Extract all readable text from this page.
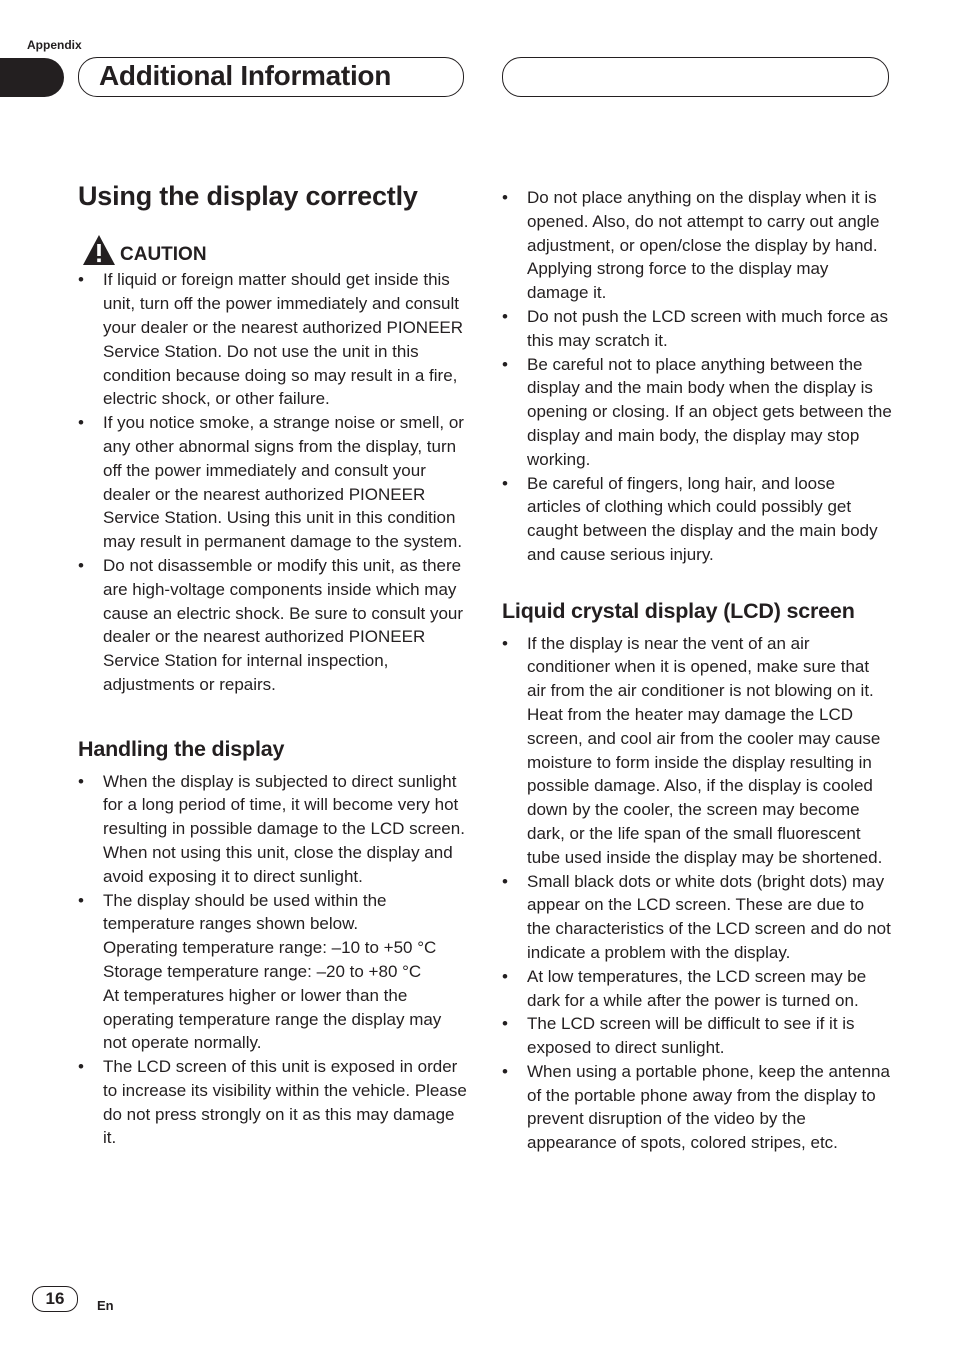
Appendix
Additional Information
Using the display correctly
CAUTION
• If liquid or foreign matter should get inside this unit, turn off the power immediately and consult your dealer or the nearest authorized PIONEER Service Station. Do not use the unit in this condition because doing so may result in a fire, electric shock, or other failure.
• If you notice smoke, a strange noise or smell, or any other abnormal signs from the display, turn off the power immediately and consult your dealer or the nearest authorized PIONEER Service Station. Using this unit in this condition may result in permanent damage to the system.
• Do not disassemble or modify this unit, as there are high-voltage components inside which may cause an electric shock. Be sure to consult your dealer or the nearest authorized PIONEER Service Station for internal inspection, adjustments or repairs.
Handling the display
• When the display is subjected to direct sunlight for a long period of time, it will become very hot resulting in possible damage to the LCD screen. When not using this unit, close the display and avoid exposing it to direct sunlight.
• The display should be used within the temperature ranges shown below.
Operating temperature range: –10 to +50 °C
Storage temperature range: –20 to +80 °C
At temperatures higher or lower than the operating temperature range the display may not operate normally.
• The LCD screen of this unit is exposed in order to increase its visibility within the vehicle. Please do not press strongly on it as this may damage it.
• Do not place anything on the display when it is opened. Also, do not attempt to carry out angle adjustment, or open/close the display by hand. Applying strong force to the display may damage it.
• Do not push the LCD screen with much force as this may scratch it.
• Be careful not to place anything between the display and the main body when the display is opening or closing. If an object gets between the display and main body, the display may stop working.
• Be careful of fingers, long hair, and loose articles of clothing which could possibly get caught between the display and the main body and cause serious injury.
Liquid crystal display (LCD) screen
• If the display is near the vent of an air conditioner when it is opened, make sure that air from the air conditioner is not blowing on it. Heat from the heater may damage the LCD screen, and cool air from the cooler may cause moisture to form inside the display resulting in possible damage. Also, if the display is cooled down by the cooler, the screen may become dark, or the life span of the small fluorescent tube used inside the display may be shortened.
• Small black dots or white dots (bright dots) may appear on the LCD screen. These are due to the characteristics of the LCD screen and do not indicate a problem with the display.
• At low temperatures, the LCD screen may be dark for a while after the power is turned on.
• The LCD screen will be difficult to see if it is exposed to direct sunlight.
• When using a portable phone, keep the antenna of the portable phone away from the display to prevent disruption of the video by the appearance of spots, colored stripes, etc.
16	En
